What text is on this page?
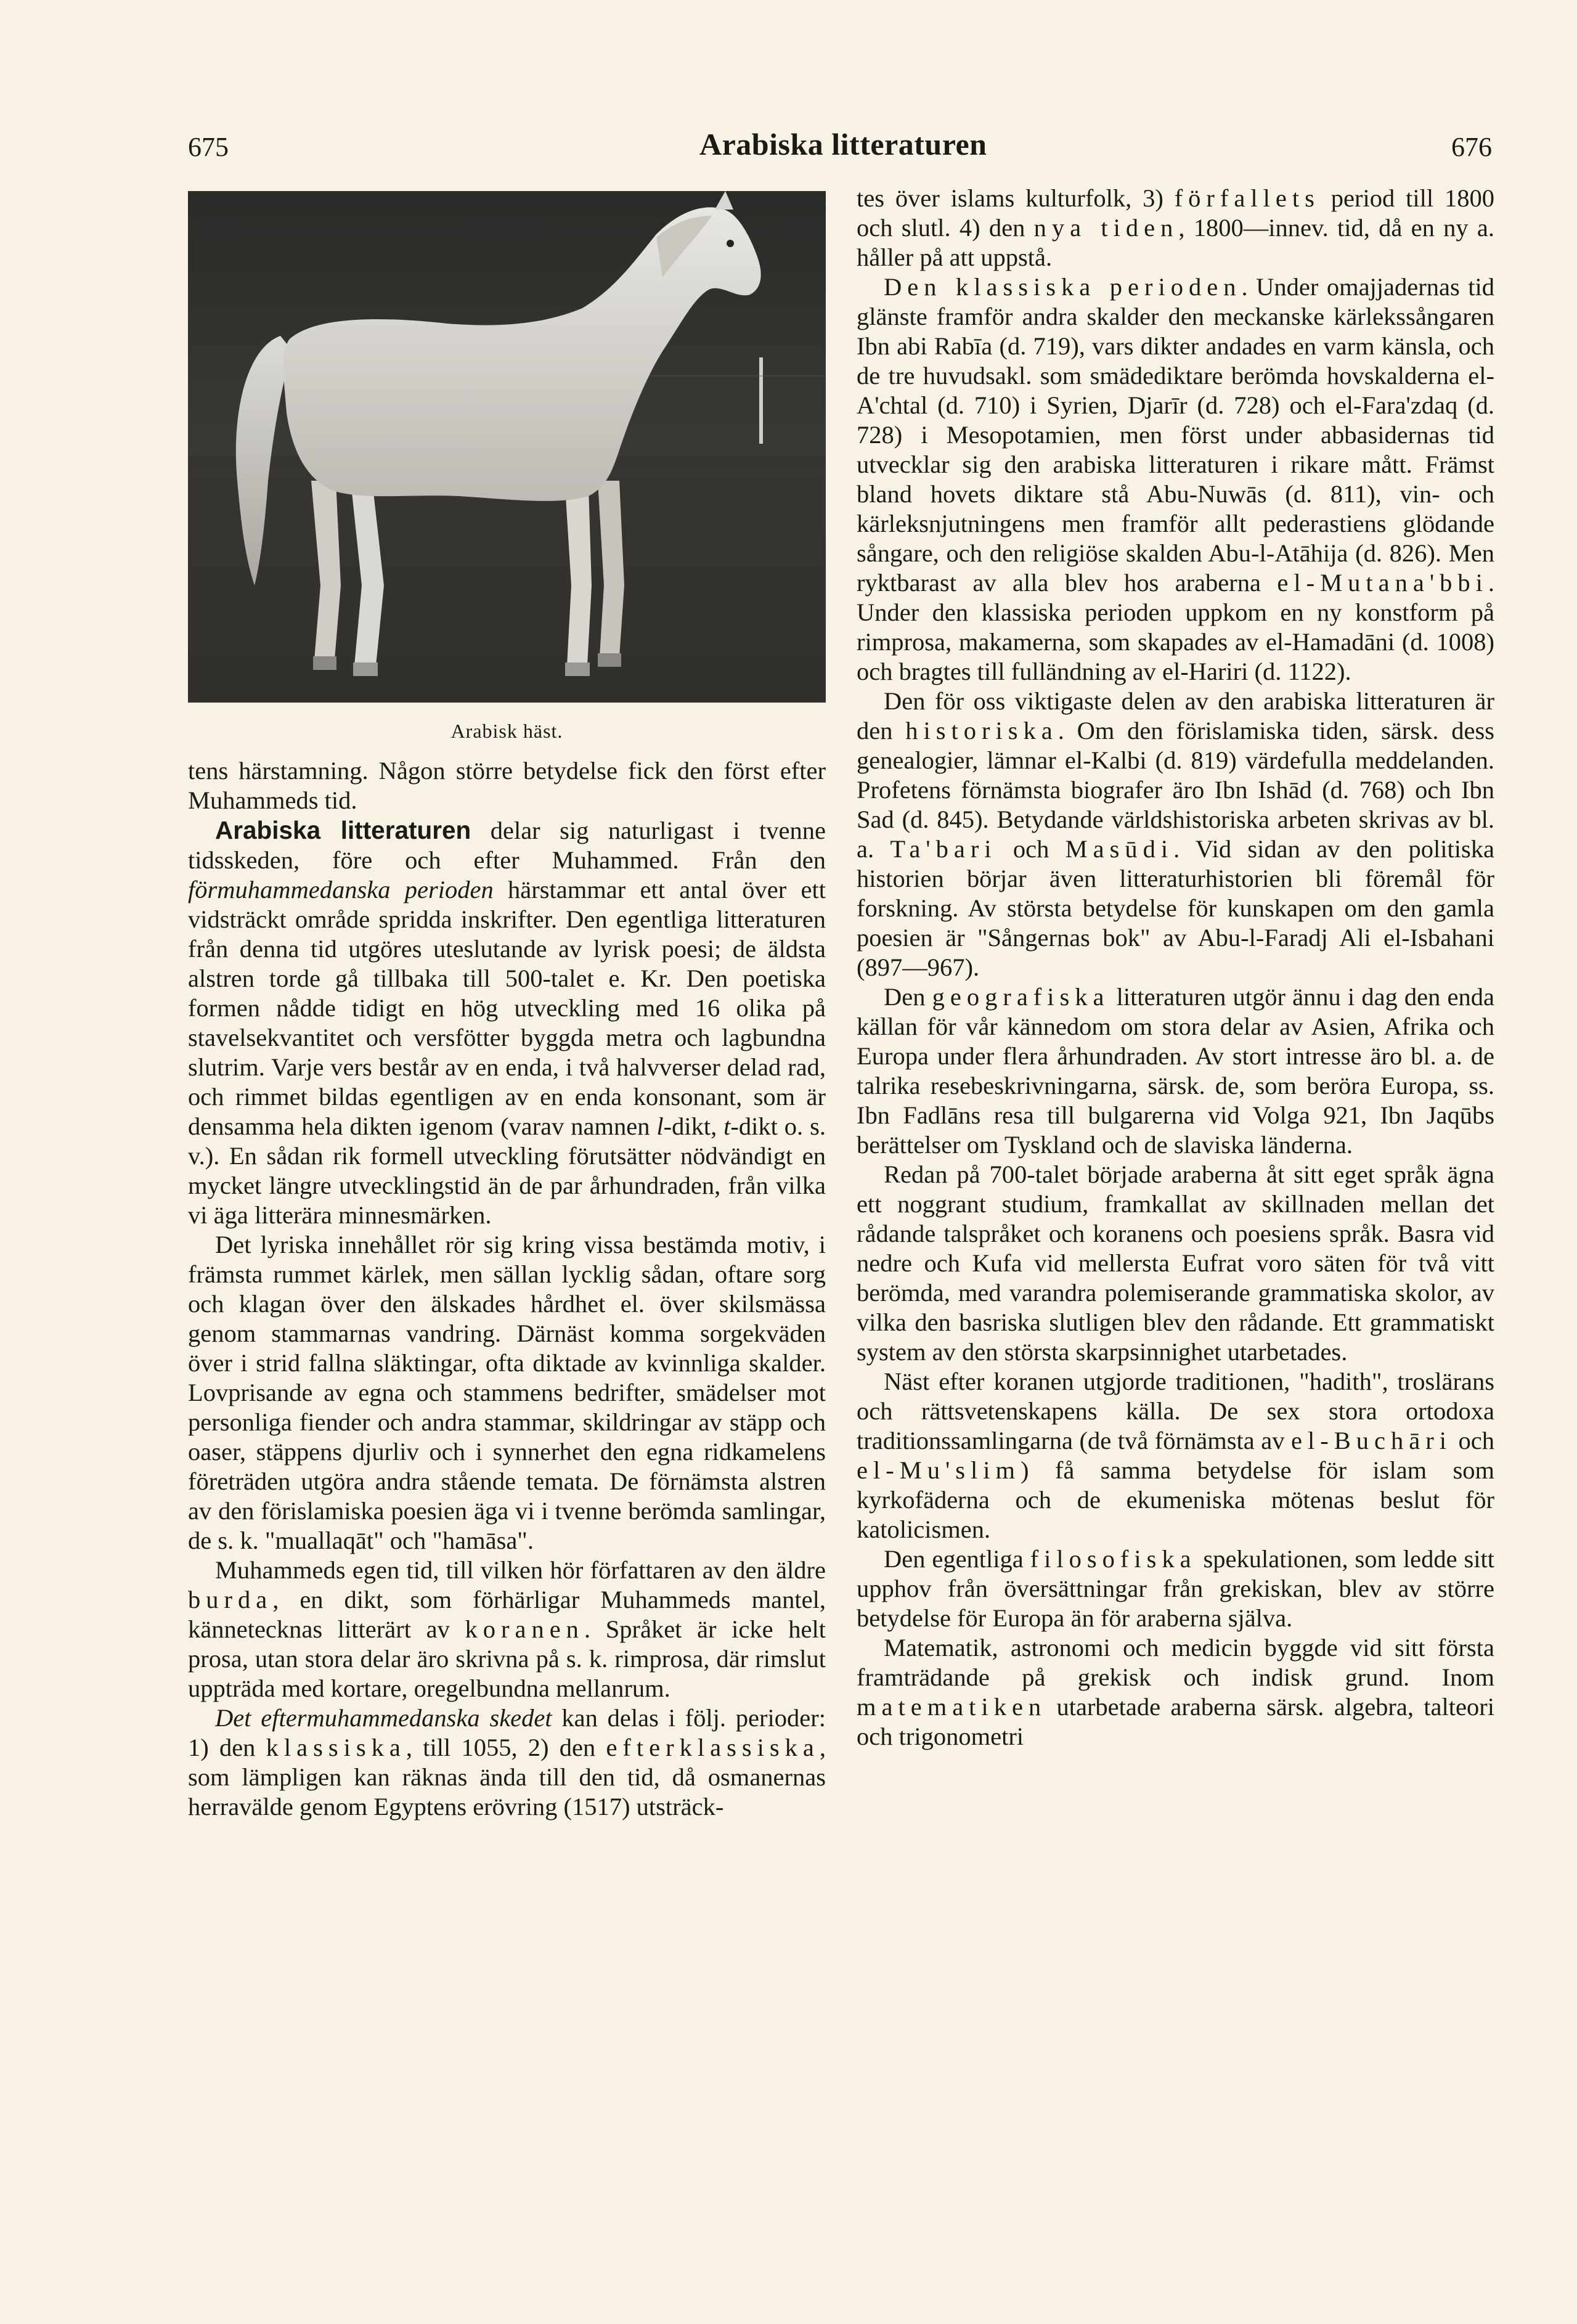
675	Arabiska litteraturen	676
Arabisk häst.

tens härstamning. Någon större betydelse fick den först efter Muhammeds tid.

Arabiska litteraturen delar sig naturligast i tvenne tidsskeden, före och efter Muhammed. Från den förmuhammedanska perioden härstammar ett antal över ett vidsträckt område spridda inskrifter. Den egentliga litteraturen från denna tid utgöres uteslutande av lyrisk poesi; de äldsta alstren torde gå tillbaka till 500-talet e. Kr. Den poetiska formen nådde tidigt en hög utveckling med 16 olika på stavelsekvantitet och versfötter byggda metra och lagbundna slutrim. Varje vers består av en enda, i två halvverser delad rad, och rimmet bildas egentligen av en enda konsonant, som är densamma hela dikten igenom (varav namnen l-dikt, t-dikt o. s. v.). En sådan rik formell utveckling förutsätter nödvändigt en mycket längre utvecklingstid än de par århundraden, från vilka vi äga litterära minnesmärken.

Det lyriska innehållet rör sig kring vissa bestämda motiv, i främsta rummet kärlek, men sällan lycklig sådan, oftare sorg och klagan över den älskades hårdhet el. över skilsmässa genom stammarnas vandring. Därnäst komma sorgekväden över i strid fallna släktingar, ofta diktade av kvinnliga skalder. Lovprisande av egna och stammens bedrifter, smädelser mot personliga fiender och andra stammar, skildringar av stäpp och oaser, stäppens djurliv och i synnerhet den egna ridkamelens företräden utgöra andra stående temata. De förnämsta alstren av den förislamiska poesien äga vi i tvenne berömda samlingar, de s. k. "muallaqāt" och "hamāsa".

Muhammeds egen tid, till vilken hör författaren av den äldre burda, en dikt, som förhärligar Muhammeds mantel, kännetecknas litterärt av koranen. Språket är icke helt prosa, utan stora delar äro skrivna på s. k. rimprosa, där rimslut uppträda med kortare, oregelbundna mellanrum.

Det eftermuhammedanska skedet kan delas i följ. perioder: 1) den klassiska, till 1055, 2) den efterklassiska, som lämpligen kan räknas ända till den tid, då osmanernas herravälde genom Egyptens erövring (1517) utsträck-

tes över islams kulturfolk, 3) förfallets period till 1800 och slutl. 4) den nya tiden, 1800—innev. tid, då en ny a. håller på att uppstå.

Den klassiska perioden. Under omajjadernas tid glänste framför andra skalder den meckanske kärlekssångaren Ibn abi Rabīa (d. 719), vars dikter andades en varm känsla, och de tre huvudsakl. som smädediktare berömda hovskalderna el-A'chtal (d. 710) i Syrien, Djarīr (d. 728) och el-Fara'zdaq (d. 728) i Mesopotamien, men först under abbasidernas tid utvecklar sig den arabiska litteraturen i rikare mått. Främst bland hovets diktare stå Abu-Nuwās (d. 811), vin- och kärleksnjutningens men framför allt pederastiens glödande sångare, och den religiöse skalden Abu-l-Atāhija (d. 826). Men ryktbarast av alla blev hos araberna el-Mutana'bbi. Under den klassiska perioden uppkom en ny konstform på rimprosa, makamerna, som skapades av el-Hamadāni (d. 1008) och bragtes till fulländning av el-Hariri (d. 1122).

Den för oss viktigaste delen av den arabiska litteraturen är den historiska. Om den förislamiska tiden, särsk. dess genealogier, lämnar el-Kalbi (d. 819) värdefulla meddelanden. Profetens förnämsta biografer äro Ibn Ishād (d. 768) och Ibn Sad (d. 845). Betydande världshistoriska arbeten skrivas av bl. a. Ta'bari och Masūdi. Vid sidan av den politiska historien börjar även litteraturhistorien bli föremål för forskning. Av största betydelse för kunskapen om den gamla poesien är "Sångernas bok" av Abu-l-Faradj Ali el-Isbahani (897—967).

Den geografiska litteraturen utgör ännu i dag den enda källan för vår kännedom om stora delar av Asien, Afrika och Europa under flera århundraden. Av stort intresse äro bl. a. de talrika resebeskrivningarna, särsk. de, som beröra Europa, ss. Ibn Fadlāns resa till bulgarerna vid Volga 921, Ibn Jaqūbs berättelser om Tyskland och de slaviska länderna.

Redan på 700-talet började araberna åt sitt eget språk ägna ett noggrant studium, framkallat av skillnaden mellan det rådande talspråket och koranens och poesiens språk. Basra vid nedre och Kufa vid mellersta Eufrat voro säten för två vitt berömda, med varandra polemiserande grammatiska skolor, av vilka den basriska slutligen blev den rådande. Ett grammatiskt system av den största skarpsinnighet utarbetades.

Näst efter koranen utgjorde traditionen, "hadith", troslärans och rättsvetenskapens källa. De sex stora ortodoxa traditionssamlingarna (de två förnämsta av el-Buchāri och el-Mu'slim) få samma betydelse för islam som kyrkofäderna och de ekumeniska mötenas beslut för katolicismen.

Den egentliga filosofiska spekulationen, som ledde sitt upphov från översättningar från grekiskan, blev av större betydelse för Europa än för araberna själva.

Matematik, astronomi och medicin byggde vid sitt första framträdande på grekisk och indisk grund. Inom matematiken utarbetade araberna särsk. algebra, talteori och trigonometri
